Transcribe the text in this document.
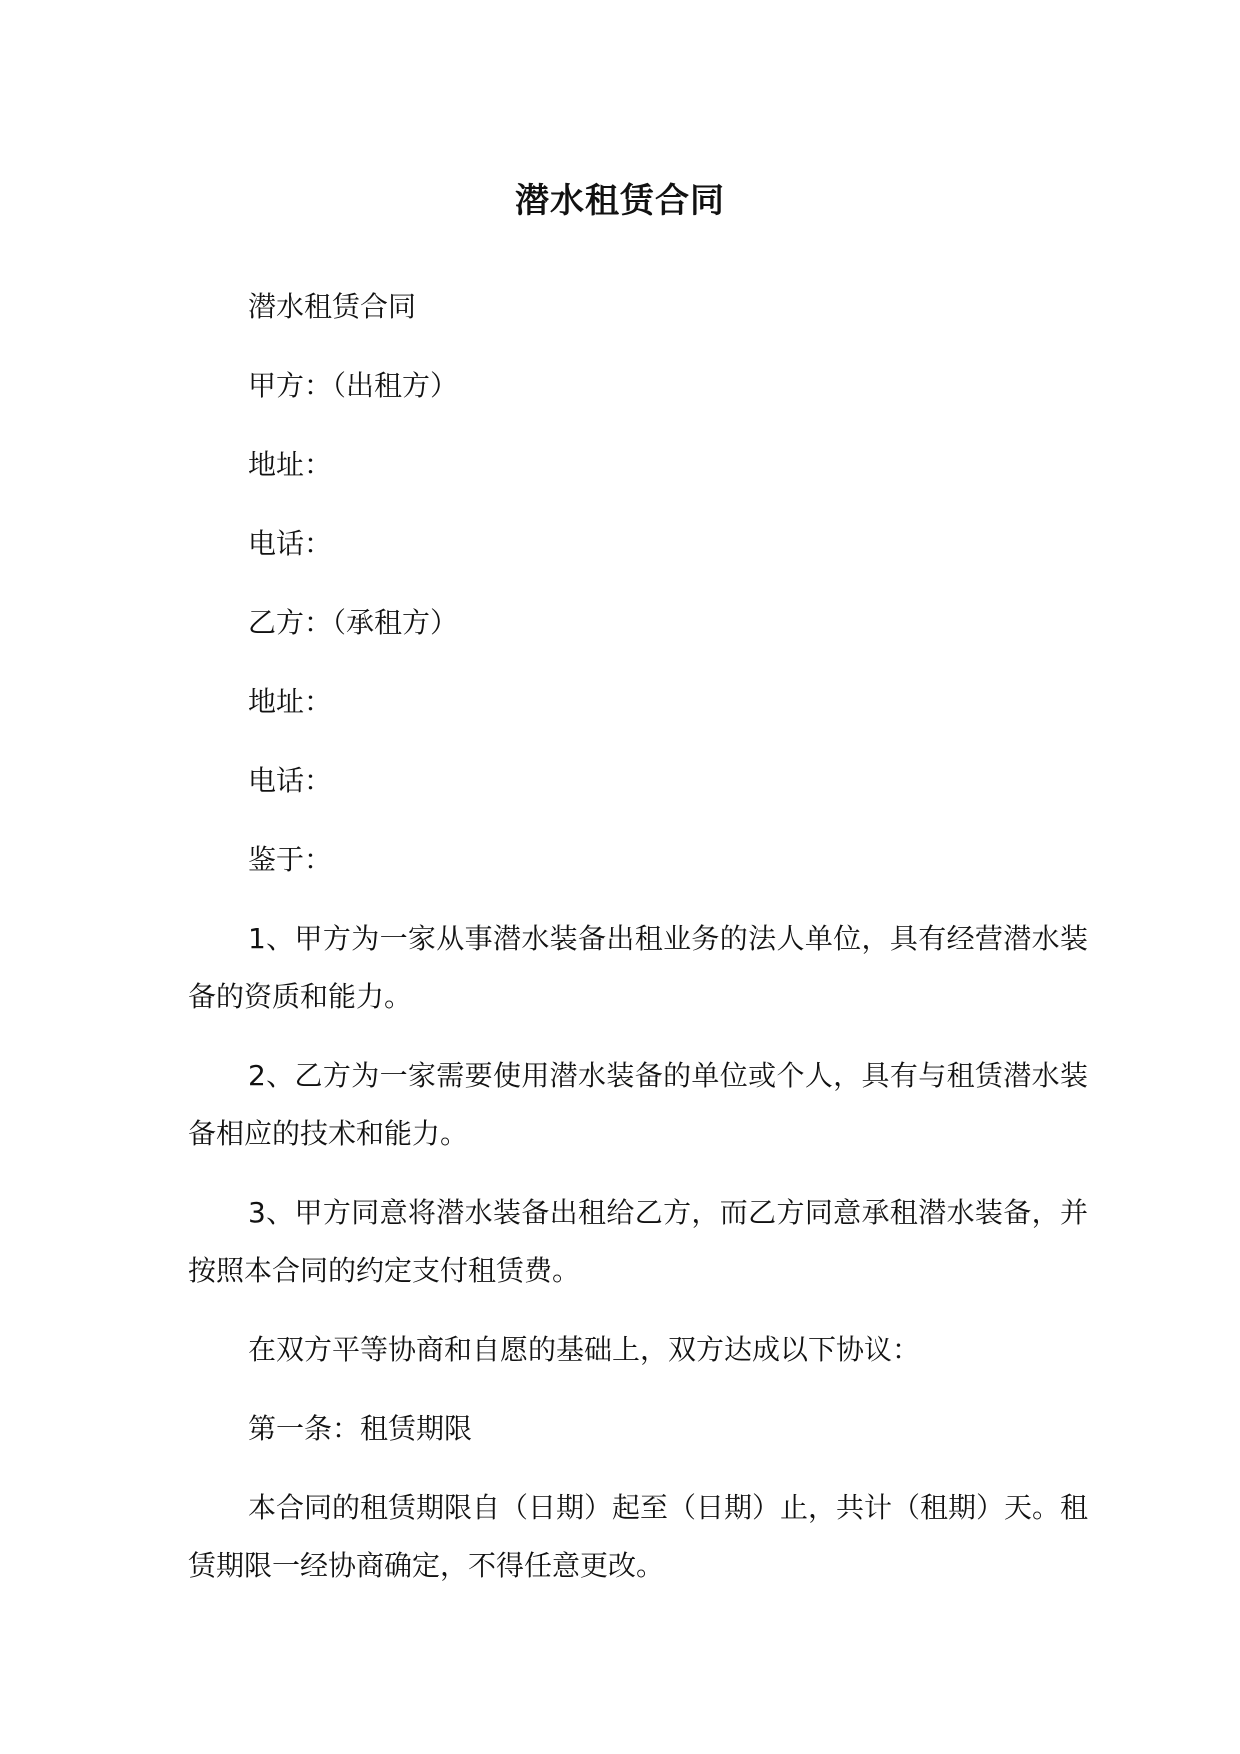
潜水租赁合同

潜水租赁合同

甲方：（出租方）

地址：

电话：

乙方：（承租方）

地址：

电话：

鉴于：

1、甲方为一家从事潜水装备出租业务的法人单位，具有经营潜水装备的资质和能力。

2、乙方为一家需要使用潜水装备的单位或个人，具有与租赁潜水装备相应的技术和能力。

3、甲方同意将潜水装备出租给乙方，而乙方同意承租潜水装备，并按照本合同的约定支付租赁费。

在双方平等协商和自愿的基础上，双方达成以下协议：

第一条：租赁期限

本合同的租赁期限自（日期）起至（日期）止，共计（租期）天。租赁期限一经协商确定，不得任意更改。
